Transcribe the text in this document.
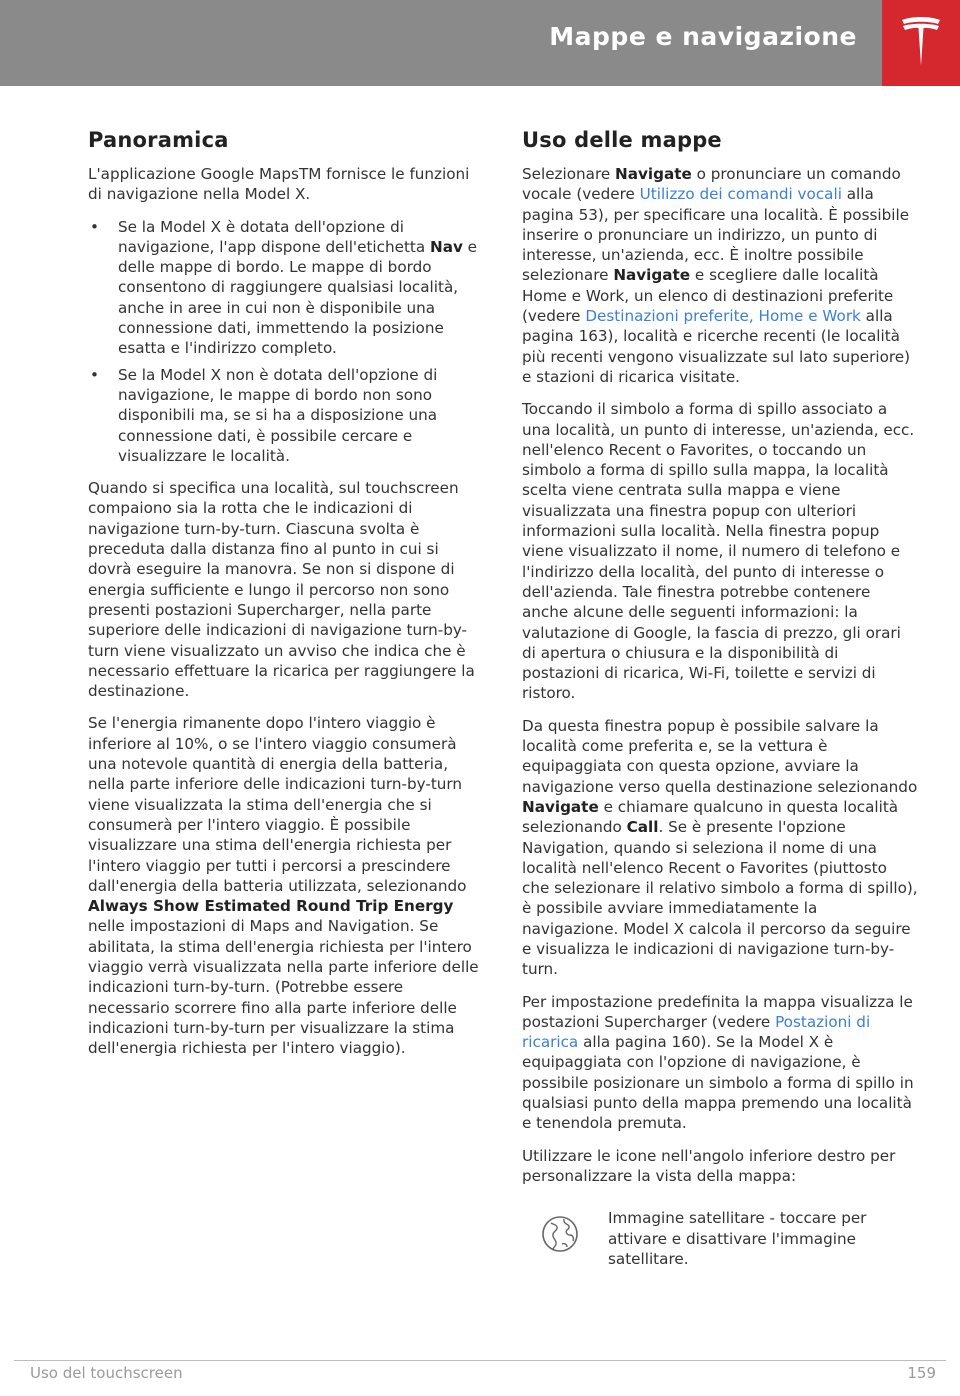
Mappe e navigazione
Panoramica

L'applicazione Google MapsTM fornisce le funzioni di navigazione nella Model X.

• Se la Model X è dotata dell'opzione di navigazione, l'app dispone dell'etichetta Nav e delle mappe di bordo. Le mappe di bordo consentono di raggiungere qualsiasi località, anche in aree in cui non è disponibile una connessione dati, immettendo la posizione esatta e l'indirizzo completo.
• Se la Model X non è dotata dell'opzione di navigazione, le mappe di bordo non sono disponibili ma, se si ha a disposizione una connessione dati, è possibile cercare e visualizzare le località.

Quando si specifica una località, sul touchscreen compaiono sia la rotta che le indicazioni di navigazione turn-by-turn. Ciascuna svolta è preceduta dalla distanza fino al punto in cui si dovrà eseguire la manovra. Se non si dispone di energia sufficiente e lungo il percorso non sono presenti postazioni Supercharger, nella parte superiore delle indicazioni di navigazione turn-by-turn viene visualizzato un avviso che indica che è necessario effettuare la ricarica per raggiungere la destinazione.

Se l'energia rimanente dopo l'intero viaggio è inferiore al 10%, o se l'intero viaggio consumerà una notevole quantità di energia della batteria, nella parte inferiore delle indicazioni turn-by-turn viene visualizzata la stima dell'energia che si consumerà per l'intero viaggio. È possibile visualizzare una stima dell'energia richiesta per l'intero viaggio per tutti i percorsi a prescindere dall'energia della batteria utilizzata, selezionando Always Show Estimated Round Trip Energy nelle impostazioni di Maps and Navigation. Se abilitata, la stima dell'energia richiesta per l'intero viaggio verrà visualizzata nella parte inferiore delle indicazioni turn-by-turn. (Potrebbe essere necessario scorrere fino alla parte inferiore delle indicazioni turn-by-turn per visualizzare la stima dell'energia richiesta per l'intero viaggio).

Uso delle mappe

Selezionare Navigate o pronunciare un comando vocale (vedere Utilizzo dei comandi vocali alla pagina 53), per specificare una località. È possibile inserire o pronunciare un indirizzo, un punto di interesse, un'azienda, ecc. È inoltre possibile selezionare Navigate e scegliere dalle località Home e Work, un elenco di destinazioni preferite (vedere Destinazioni preferite, Home e Work alla pagina 163), località e ricerche recenti (le località più recenti vengono visualizzate sul lato superiore) e stazioni di ricarica visitate.

Toccando il simbolo a forma di spillo associato a una località, un punto di interesse, un'azienda, ecc. nell'elenco Recent o Favorites, o toccando un simbolo a forma di spillo sulla mappa, la località scelta viene centrata sulla mappa e viene visualizzata una finestra popup con ulteriori informazioni sulla località. Nella finestra popup viene visualizzato il nome, il numero di telefono e l'indirizzo della località, del punto di interesse o dell'azienda. Tale finestra potrebbe contenere anche alcune delle seguenti informazioni: la valutazione di Google, la fascia di prezzo, gli orari di apertura o chiusura e la disponibilità di postazioni di ricarica, Wi-Fi, toilette e servizi di ristoro.

Da questa finestra popup è possibile salvare la località come preferita e, se la vettura è equipaggiata con questa opzione, avviare la navigazione verso quella destinazione selezionando Navigate e chiamare qualcuno in questa località selezionando Call. Se è presente l'opzione Navigation, quando si seleziona il nome di una località nell'elenco Recent o Favorites (piuttosto che selezionare il relativo simbolo a forma di spillo), è possibile avviare immediatamente la navigazione. Model X calcola il percorso da seguire e visualizza le indicazioni di navigazione turn-by-turn.

Per impostazione predefinita la mappa visualizza le postazioni Supercharger (vedere Postazioni di ricarica alla pagina 160). Se la Model X è equipaggiata con l'opzione di navigazione, è possibile posizionare un simbolo a forma di spillo in qualsiasi punto della mappa premendo una località e tenendola premuta.

Utilizzare le icone nell'angolo inferiore destro per personalizzare la vista della mappa:

Immagine satellitare - toccare per attivare e disattivare l'immagine satellitare.

Uso del touchscreen	159
